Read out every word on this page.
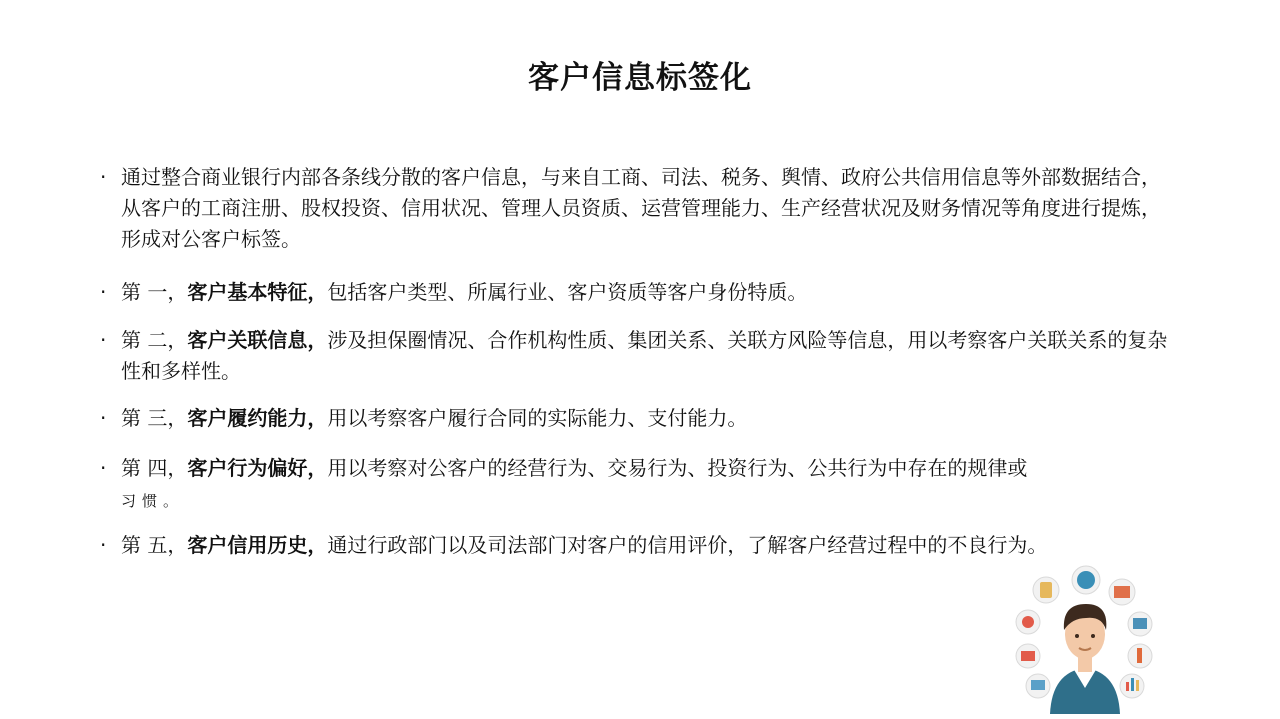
客户信息标签化

· 通过整合商业银行内部各条线分散的客户信息，与来自工商、司法、税务、舆情、政府公共信用信息等外部数据结合，从客户的工商注册、股权投资、信用状况、管理人员资质、运营管理能力、生产经营状况及财务情况等角度进行提炼，形成对公客户标签。

· 第 一，客户基本特征，包括客户类型、所属行业、客户资质等客户身份特质。

· 第 二，客户关联信息，涉及担保圈情况、合作机构性质、集团关系、关联方风险等信息，用以考察客户关联关系的复杂性和多样性。

· 第 三，客户履约能力，用以考察客户履行合同的实际能力、支付能力。

· 第 四，客户行为偏好，用以考察对公客户的经营行为、交易行为、投资行为、公共行为中存在的规律或
习惯。

· 第 五，客户信用历史，通过行政部门以及司法部门对客户的信用评价，了解客户经营过程中的不良行为。
